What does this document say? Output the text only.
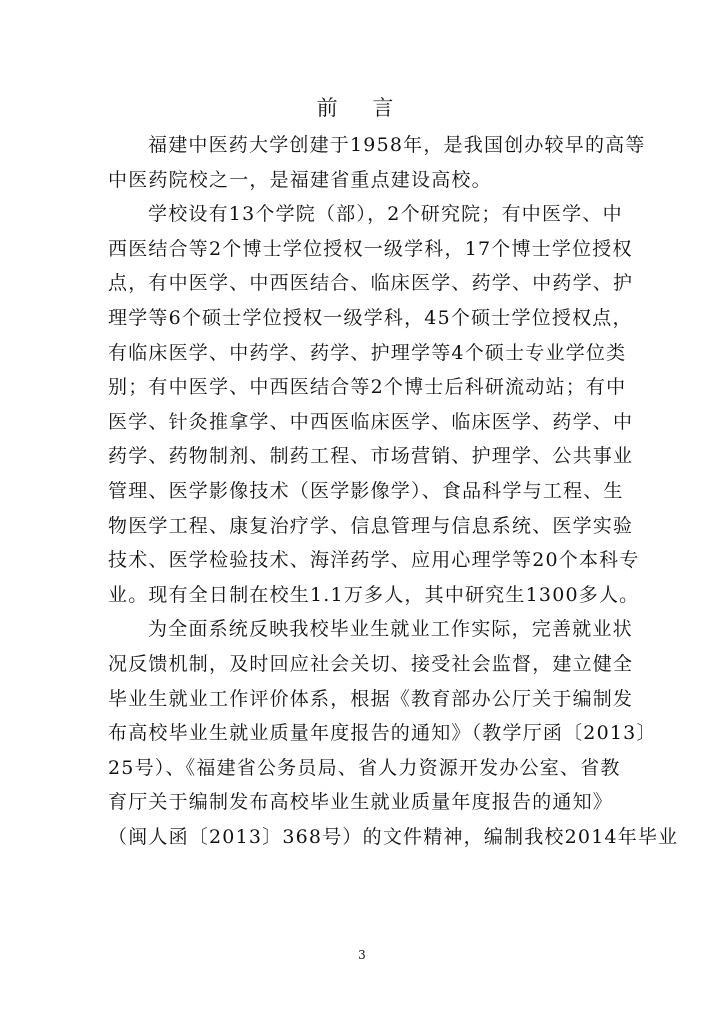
前 言
福建中医药大学创建于1958年，是我国创办较早的高等
中医药院校之一，是福建省重点建设高校。
学校设有13个学院（部），2个研究院；有中医学、中
西医结合等2个博士学位授权一级学科，17个博士学位授权
点，有中医学、中西医结合、临床医学、药学、中药学、护
理学等6个硕士学位授权一级学科，45个硕士学位授权点，
有临床医学、中药学、药学、护理学等4个硕士专业学位类
别；有中医学、中西医结合等2个博士后科研流动站；有中
医学、针灸推拿学、中西医临床医学、临床医学、药学、中
药学、药物制剂、制药工程、市场营销、护理学、公共事业
管理、医学影像技术（医学影像学）、食品科学与工程、生
物医学工程、康复治疗学、信息管理与信息系统、医学实验
技术、医学检验技术、海洋药学、应用心理学等20个本科专
业。现有全日制在校生1.1万多人，其中研究生1300多人。
为全面系统反映我校毕业生就业工作实际，完善就业状
况反馈机制，及时回应社会关切、接受社会监督，建立健全
毕业生就业工作评价体系，根据《教育部办公厅关于编制发
布高校毕业生就业质量年度报告的通知》（教学厅函〔2013〕
25号）、《福建省公务员局、省人力资源开发办公室、省教
育厅关于编制发布高校毕业生就业质量年度报告的通知》
（闽人函〔2013〕368号）的文件精神，编制我校2014年毕业
3
